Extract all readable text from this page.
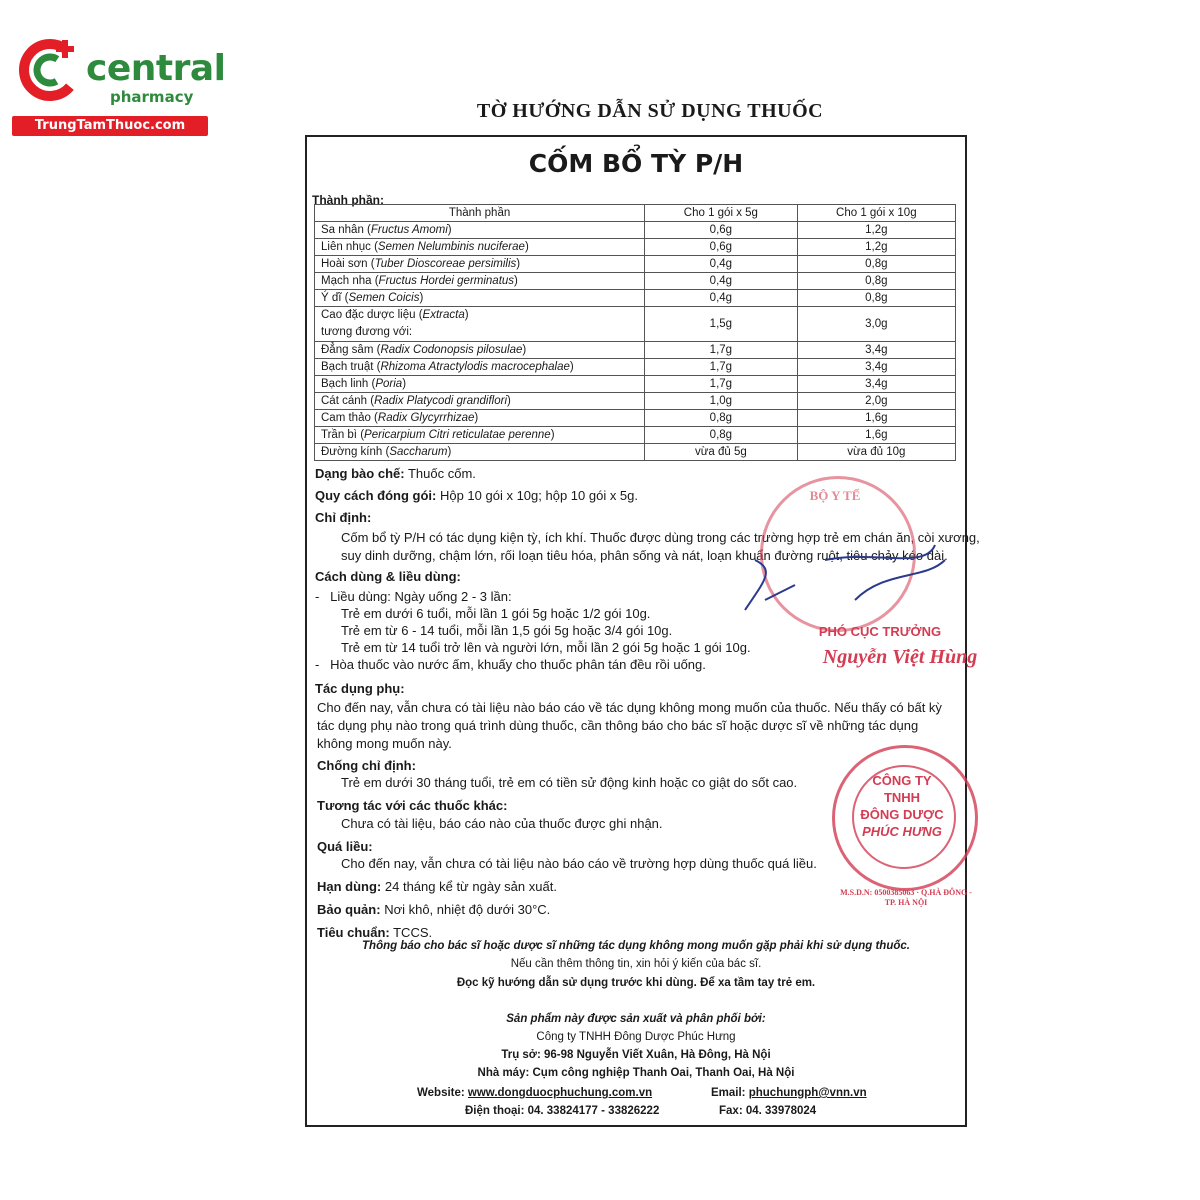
central
pharmacy
TrungTamThuoc.com
TỜ HƯỚNG DẪN SỬ DỤNG THUỐC
CỐM BỔ TỲ P/H
Thành phần:
Thành phần	Cho 1 gói x 5g	Cho 1 gói x 10g
Sa nhân (Fructus Amomi)	0,6g	1,2g
Liên nhục (Semen Nelumbinis nuciferae)	0,6g	1,2g
Hoài sơn (Tuber Dioscoreae persimilis)	0,4g	0,8g
Mạch nha (Fructus Hordei germinatus)	0,4g	0,8g
Ý dĩ (Semen Coicis)	0,4g	0,8g
Cao đặc dược liệu (Extracta)
tương đương với:	1,5g	3,0g
Đẳng sâm (Radix Codonopsis pilosulae)	1,7g	3,4g
Bạch truật (Rhizoma Atractylodis macrocephalae)	1,7g	3,4g
Bạch linh (Poria)	1,7g	3,4g
Cát cánh (Radix Platycodi grandiflori)	1,0g	2,0g
Cam thảo (Radix Glycyrrhizae)	0,8g	1,6g
Trần bì (Pericarpium Citri reticulatae perenne)	0,8g	1,6g
Đường kính (Saccharum)	vừa đủ 5g	vừa đủ 10g
Dạng bào chế: Thuốc cốm.
Quy cách đóng gói: Hộp 10 gói x 10g; hộp 10 gói x 5g.
Chỉ định:
Cốm bổ tỳ P/H có tác dụng kiện tỳ, ích khí. Thuốc được dùng trong các trường hợp trẻ em chán ăn, còi xương,
suy dinh dưỡng, chậm lớn, rối loạn tiêu hóa, phân sống và nát, loạn khuẩn đường ruột, tiêu chảy kéo dài.
Cách dùng & liều dùng:
-   Liều dùng: Ngày uống 2 - 3 lần:
Trẻ em dưới 6 tuổi, mỗi lần 1 gói 5g hoặc 1/2 gói 10g.
Trẻ em từ 6 - 14 tuổi, mỗi lần 1,5 gói 5g hoặc 3/4 gói 10g.
Trẻ em từ 14 tuổi trở lên và người lớn, mỗi lần 2 gói 5g hoặc 1 gói 10g.
-   Hòa thuốc vào nước ấm, khuấy cho thuốc phân tán đều rồi uống.
Tác dụng phụ:
Cho đến nay, vẫn chưa có tài liệu nào báo cáo về tác dụng không mong muốn của thuốc. Nếu thấy có bất kỳ
tác dụng phụ nào trong quá trình dùng thuốc, cần thông báo cho bác sĩ hoặc dược sĩ về những tác dụng
không mong muốn này.
Chống chỉ định:
Trẻ em dưới 30 tháng tuổi, trẻ em có tiền sử động kinh hoặc co giật do sốt cao.
Tương tác với các thuốc khác:
Chưa có tài liệu, báo cáo nào của thuốc được ghi nhận.
Quá liều:
Cho đến nay, vẫn chưa có tài liệu nào báo cáo về trường hợp dùng thuốc quá liều.
Hạn dùng: 24 tháng kể từ ngày sản xuất.
Bảo quản: Nơi khô, nhiệt độ dưới 30°C.
Tiêu chuẩn: TCCS.
Thông báo cho bác sĩ hoặc dược sĩ những tác dụng không mong muốn gặp phải khi sử dụng thuốc.
Nếu cần thêm thông tin, xin hỏi ý kiến của bác sĩ.
Đọc kỹ hướng dẫn sử dụng trước khi dùng. Để xa tầm tay trẻ em.
Sản phẩm này được sản xuất và phân phối bởi:
Công ty TNHH Đông Dược Phúc Hưng
Trụ sở: 96-98 Nguyễn Viết Xuân, Hà Đông, Hà Nội
Nhà máy: Cụm công nghiệp Thanh Oai, Thanh Oai, Hà Nội
Website: www.dongduocphuchung.com.vn	Email: phuchungph@vnn.vn
Điện thoại: 04. 33824177 - 33826222	Fax: 04. 33978024
BỘ Y TẾ
PHÓ CỤC TRƯỞNG
Nguyễn Việt Hùng
CÔNG TY
TNHH
ĐÔNG DƯỢC
PHÚC HƯNG
M.S.D.N: 0500385063 · Q.HÀ ĐÔNG - TP. HÀ NỘI
